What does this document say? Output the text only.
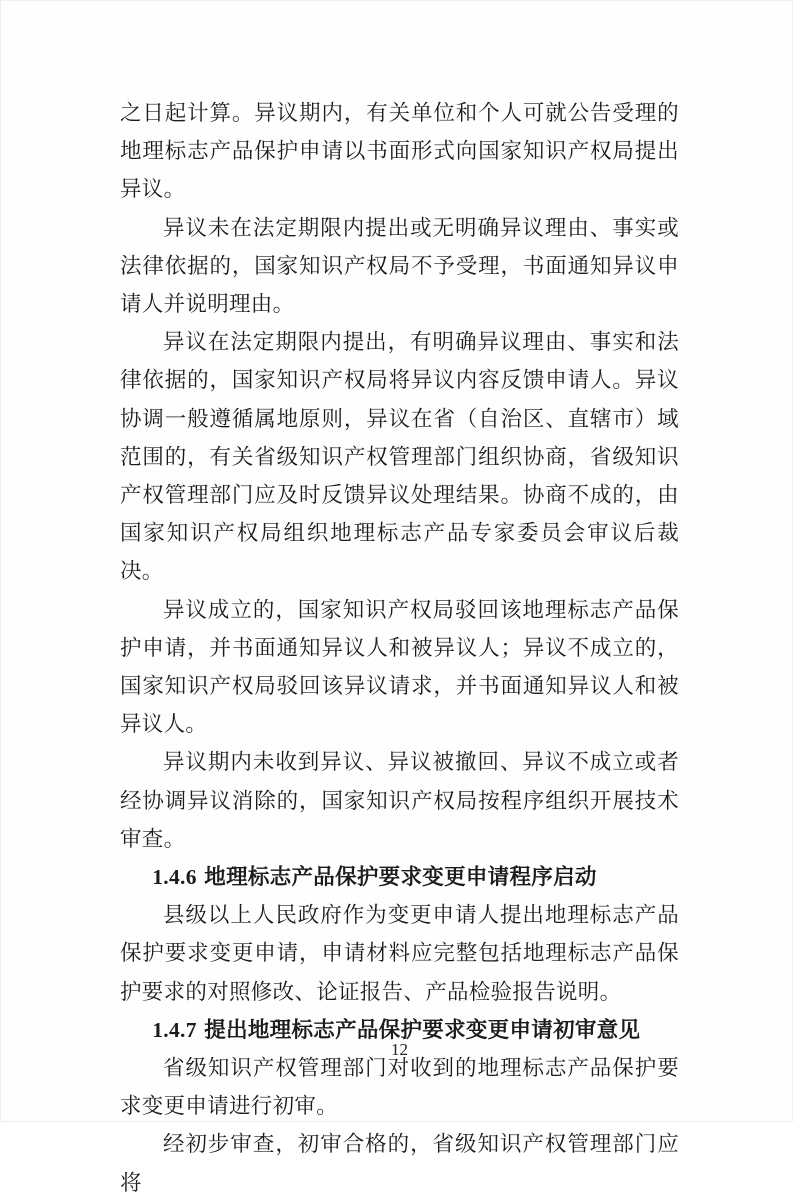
之日起计算。异议期内，有关单位和个人可就公告受理的地理标志产品保护申请以书面形式向国家知识产权局提出异议。

异议未在法定期限内提出或无明确异议理由、事实或法律依据的，国家知识产权局不予受理，书面通知异议申请人并说明理由。

异议在法定期限内提出，有明确异议理由、事实和法律依据的，国家知识产权局将异议内容反馈申请人。异议协调一般遵循属地原则，异议在省（自治区、直辖市）域范围的，有关省级知识产权管理部门组织协商，省级知识产权管理部门应及时反馈异议处理结果。协商不成的，由国家知识产权局组织地理标志产品专家委员会审议后裁决。

异议成立的，国家知识产权局驳回该地理标志产品保护申请，并书面通知异议人和被异议人；异议不成立的，国家知识产权局驳回该异议请求，并书面通知异议人和被异议人。

异议期内未收到异议、异议被撤回、异议不成立或者经协调异议消除的，国家知识产权局按程序组织开展技术审查。

1.4.6 地理标志产品保护要求变更申请程序启动

县级以上人民政府作为变更申请人提出地理标志产品保护要求变更申请，申请材料应完整包括地理标志产品保护要求的对照修改、论证报告、产品检验报告说明。

1.4.7 提出地理标志产品保护要求变更申请初审意见

省级知识产权管理部门对收到的地理标志产品保护要求变更申请进行初审。

经初步审查，初审合格的，省级知识产权管理部门应将

12
